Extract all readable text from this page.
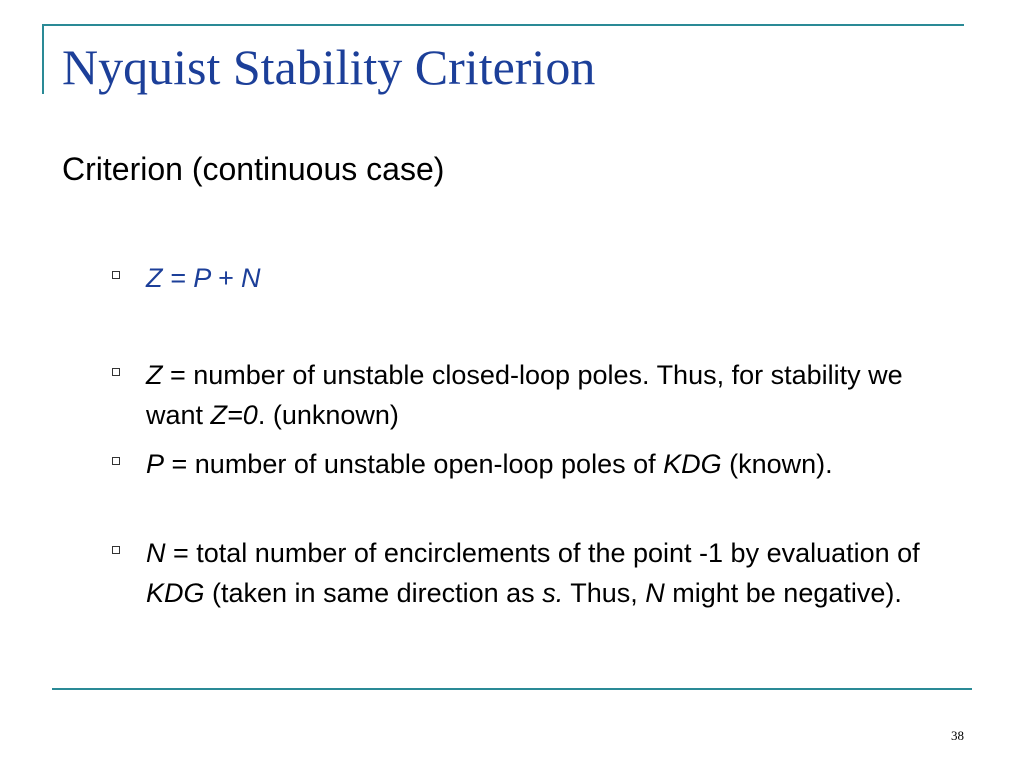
Nyquist Stability Criterion
Criterion (continuous case)
Z = P + N
Z = number of unstable closed-loop poles. Thus, for stability we want Z=0. (unknown)
P = number of unstable open-loop poles of KDG (known).
N = total number of encirclements of the point -1 by evaluation of KDG (taken in same direction as s. Thus, N might be negative).
38
